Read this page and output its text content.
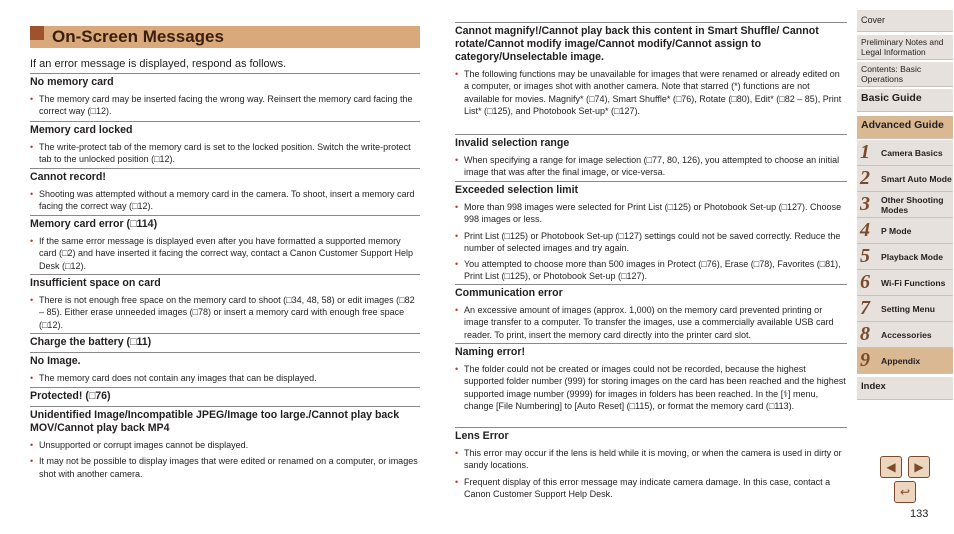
On-Screen Messages
If an error message is displayed, respond as follows.
No memory card
• The memory card may be inserted facing the wrong way. Reinsert the memory card facing the correct way (□12).
Memory card locked
• The write-protect tab of the memory card is set to the locked position. Switch the write-protect tab to the unlocked position (□12).
Cannot record!
• Shooting was attempted without a memory card in the camera. To shoot, insert a memory card facing the correct way (□12).
Memory card error (□114)
• If the same error message is displayed even after you have formatted a supported memory card (□2) and have inserted it facing the correct way, contact a Canon Customer Support Help Desk (□12).
Insufficient space on card
• There is not enough free space on the memory card to shoot (□34, 48, 58) or edit images (□82 – 85). Either erase unneeded images (□78) or insert a memory card with enough free space (□12).
Charge the battery (□11)
No Image.
• The memory card does not contain any images that can be displayed.
Protected! (□76)
Unidentified Image/Incompatible JPEG/Image too large./Cannot play back MOV/Cannot play back MP4
• Unsupported or corrupt images cannot be displayed.
• It may not be possible to display images that were edited or renamed on a computer, or images shot with another camera.
Cannot magnify!/Cannot play back this content in Smart Shuffle/ Cannot rotate/Cannot modify image/Cannot modify/Cannot assign to category/Unselectable image.
• The following functions may be unavailable for images that were renamed or already edited on a computer, or images shot with another camera. Note that starred (*) functions are not available for movies. Magnify* (□74), Smart Shuffle* (□76), Rotate (□80), Edit* (□82 – 85), Print List* (□125), and Photobook Set-up* (□127).
Invalid selection range
• When specifying a range for image selection (□77, 80, 126), you attempted to choose an initial image that was after the final image, or vice-versa.
Exceeded selection limit
• More than 998 images were selected for Print List (□125) or Photobook Set-up (□127). Choose 998 images or less.
• Print List (□125) or Photobook Set-up (□127) settings could not be saved correctly. Reduce the number of selected images and try again.
• You attempted to choose more than 500 images in Protect (□76), Erase (□78), Favorites (□81), Print List (□125), or Photobook Set-up (□127).
Communication error
• An excessive amount of images (approx. 1,000) on the memory card prevented printing or image transfer to a computer. To transfer the images, use a commercially available USB card reader. To print, insert the memory card directly into the printer card slot.
Naming error!
• The folder could not be created or images could not be recorded, because the highest supported folder number (999) for storing images on the card has been reached and the highest supported image number (9999) for images in folders has been reached. In the [⚕] menu, change [File Numbering] to [Auto Reset] (□115), or format the memory card (□113).
Lens Error
• This error may occur if the lens is held while it is moving, or when the camera is used in dirty or sandy locations.
• Frequent display of this error message may indicate camera damage. In this case, contact a Canon Customer Support Help Desk.
Cover
Preliminary Notes and Legal Information
Contents: Basic Operations
Basic Guide
Advanced Guide
1 Camera Basics
2 Smart Auto Mode
3 Other Shooting Modes
4 P Mode
5 Playback Mode
6 Wi-Fi Functions
7 Setting Menu
8 Accessories
9 Appendix
Index
◀ ▶
↩
133
